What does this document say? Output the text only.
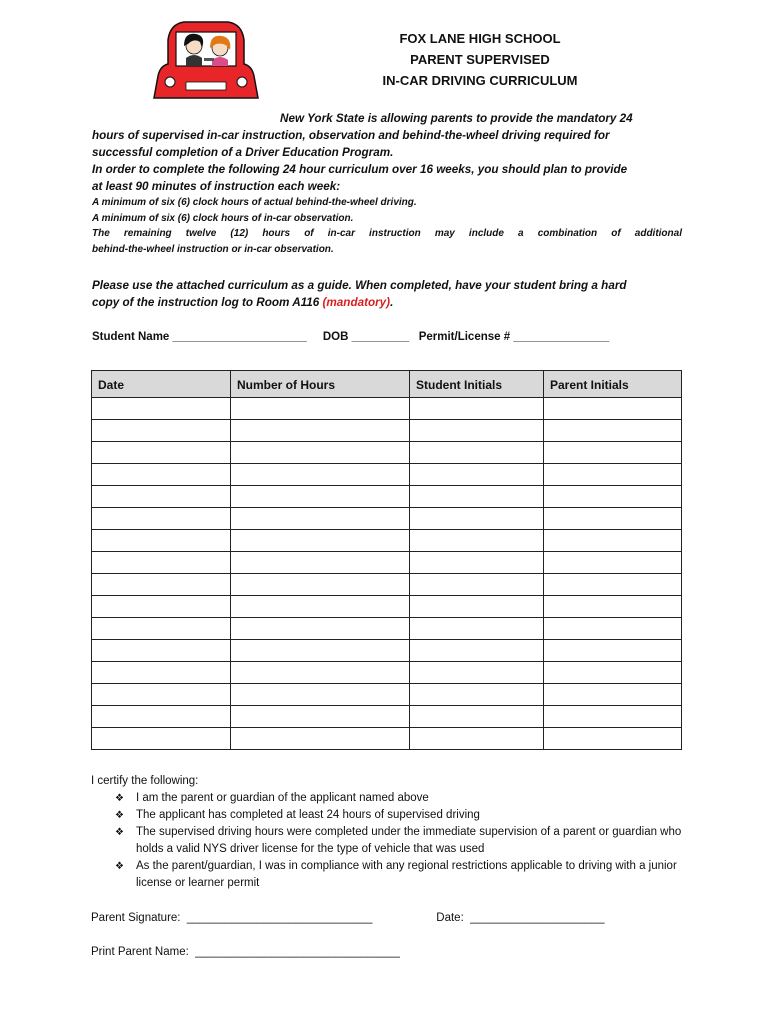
FOX LANE HIGH SCHOOL
PARENT SUPERVISED
IN-CAR DRIVING CURRICULUM
New York State is allowing parents to provide the mandatory 24
hours of supervised in-car instruction, observation and behind-the-wheel driving required for
successful completion of a Driver Education Program.
In order to complete the following 24 hour curriculum over 16 weeks, you should plan to provide
at least 90 minutes of instruction each week:
A minimum of six (6) clock hours of actual behind-the-wheel driving.
A minimum of six (6) clock hours of in-car observation.
The remaining twelve (12) hours of in-car instruction may include a combination of additional
behind-the-wheel instruction or in-car observation.
Please use the attached curriculum as a guide. When completed, have your student bring a hard
copy of the instruction log to Room A116 (mandatory).
Student Name _____________________ DOB _________ Permit/License # _______________
Date	Number of Hours	Student Initials	Parent Initials

I certify the following:
❖ I am the parent or guardian of the applicant named above
❖ The applicant has completed at least 24 hours of supervised driving
❖ The supervised driving hours were completed under the immediate supervision of a parent or guardian who holds a valid NYS driver license for the type of vehicle that was used
❖ As the parent/guardian, I was in compliance with any regional restrictions applicable to driving with a junior license or learner permit
Parent Signature:  _____________________________	Date:  _____________________
Print Parent Name:  ________________________________
